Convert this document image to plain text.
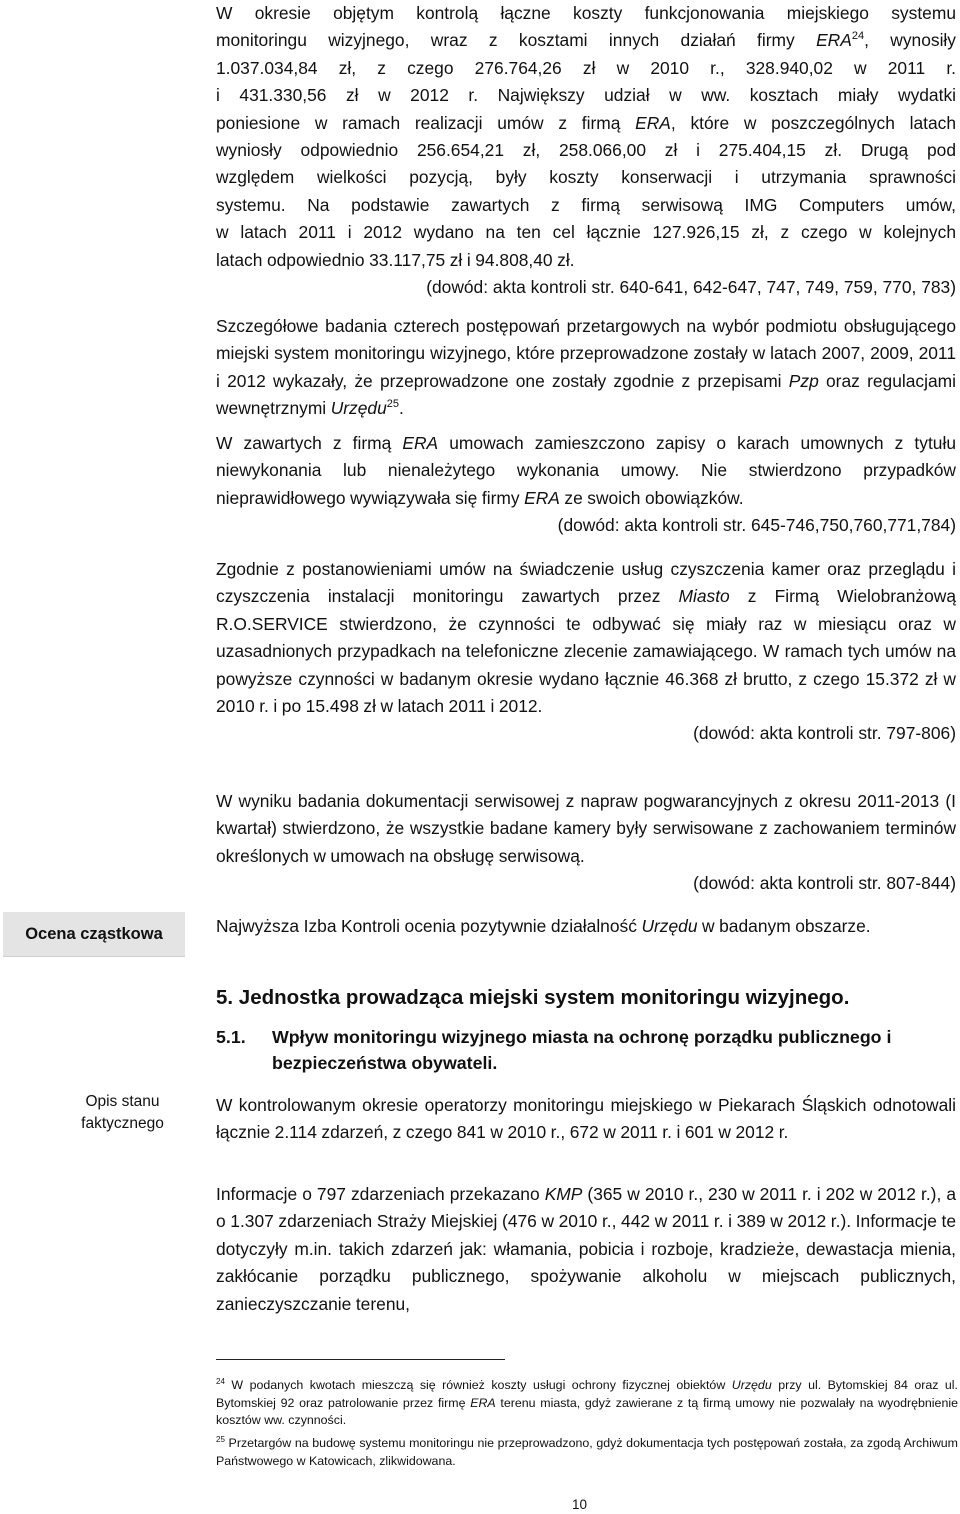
Ocena cząstkowa
Opis stanu faktycznego
W okresie objętym kontrolą łączne koszty funkcjonowania miejskiego systemu
monitoringu wizyjnego, wraz z kosztami innych działań firmy ERA$^{24}$, wynosiły
1.037.034,84 zł, z czego 276.764,26 zł w 2010 r., 328.940,02 w 2011 r.
i 431.330,56 zł w 2012 r. Największy udział w ww. kosztach miały wydatki
poniesione w ramach realizacji umów z firmą ERA, które w poszczególnych latach
wyniosły odpowiednio 256.654,21 zł, 258.066,00 zł i 275.404,15 zł. Drugą pod
względem wielkości pozycją, były koszty konserwacji i utrzymania sprawności
systemu. Na podstawie zawartych z firmą serwisową IMG Computers umów,
w latach 2011 i 2012 wydano na ten cel łącznie 127.926,15 zł, z czego w kolejnych
latach odpowiednio 33.117,75 zł i 94.808,40 zł.
(dowód: akta kontroli str. 640-641, 642-647, 747, 749, 759, 770, 783)

Szczegółowe badania czterech postępowań przetargowych na wybór podmiotu obsługującego miejski system monitoringu wizyjnego, które przeprowadzone zostały w latach 2007, 2009, 2011 i 2012 wykazały, że przeprowadzone one zostały zgodnie z przepisami Pzp oraz regulacjami wewnętrznymi Urzędu$^{25}$.

W zawartych z firmą ERA umowach zamieszczono zapisy o karach umownych z tytułu niewykonania lub nienależytego wykonania umowy. Nie stwierdzono przypadków nieprawidłowego wywiązywała się firmy ERA ze swoich obowiązków.

(dowód: akta kontroli str. 645-746,750,760,771,784)

Zgodnie z postanowieniami umów na świadczenie usług czyszczenia kamer oraz przeglądu i czyszczenia instalacji monitoringu zawartych przez Miasto z Firmą Wielobranżową R.O.SERVICE stwierdzono, że czynności te odbywać się miały raz w miesiącu oraz w uzasadnionych przypadkach na telefoniczne zlecenie zamawiającego. W ramach tych umów na powyższe czynności w badanym okresie wydano łącznie 46.368 zł brutto, z czego 15.372 zł w 2010 r. i po 15.498 zł w latach 2011 i 2012.

(dowód: akta kontroli str. 797-806)

W wyniku badania dokumentacji serwisowej z napraw pogwarancyjnych z okresu 2011-2013 (I kwartał) stwierdzono, że wszystkie badane kamery były serwisowane z zachowaniem terminów określonych w umowach na obsługę serwisową.

(dowód: akta kontroli str. 807-844)

Najwyższa Izba Kontroli ocenia pozytywnie działalność Urzędu w badanym obszarze.

5. Jednostka prowadząca miejski system monitoringu wizyjnego.
5.1. Wpływ monitoringu wizyjnego miasta na ochronę porządku publicznego i bezpieczeństwa obywateli.

W kontrolowanym okresie operatorzy monitoringu miejskiego w Piekarach Śląskich odnotowali łącznie 2.114 zdarzeń, z czego 841 w 2010 r., 672 w 2011 r. i 601 w 2012 r.

Informacje o 797 zdarzeniach przekazano KMP (365 w 2010 r., 230 w 2011 r. i 202 w 2012 r.), a o 1.307 zdarzeniach Straży Miejskiej (476 w 2010 r., 442 w 2011 r. i 389 w 2012 r.). Informacje te dotyczyły m.in. takich zdarzeń jak: włamania, pobicia i rozboje, kradzieże, dewastacja mienia, zakłócanie porządku publicznego, spożywanie alkoholu w miejscach publicznych, zanieczyszczanie terenu,

$^{24}$ W podanych kwotach mieszczą się również koszty usługi ochrony fizycznej obiektów Urzędu przy ul. Bytomskiej 84 oraz ul. Bytomskiej 92 oraz patrolowanie przez firmę ERA terenu miasta, gdyż zawierane z tą firmą umowy nie pozwalały na wyodrębnienie kosztów ww. czynności.
$^{25}$ Przetargów na budowę systemu monitoringu nie przeprowadzono, gdyż dokumentacja tych postępowań została, za zgodą Archiwum Państwowego w Katowicach, zlikwidowana.
10
